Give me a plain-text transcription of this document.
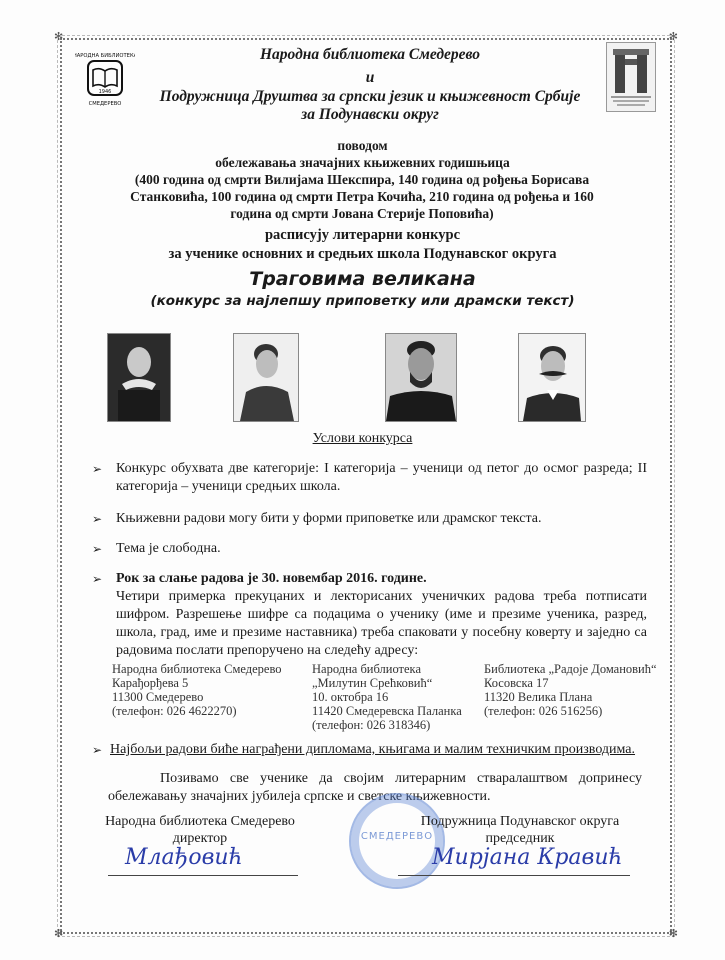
✻	✻
✻	✻
1946
НАРОДНА БИБЛИОТЕКА
СМЕДЕРЕВО
Народна библиотека Смедерево
и
Подружница Друштва за српски језик и књижевност Србије
за Подунавски округ
поводом
обележавања значајних књижевних годишњица
(400 година од смрти Вилијама Шекспира, 140 година од рођења Борисава Станковића, 100 година од смрти Петра Кочића, 210 година од рођења и 160 година од смрти Јована Стерије Поповића)
расписују литерарни конкурс
за ученике основних и средњих школа Подунавског округа
Траговима великана
(конкурс за најлепшу приповетку или драмски текст)
Услови конкурса
➢ Конкурс обухвата две категорије: I категорија – ученици од петог до осмог разреда; II категорија – ученици средњих школа.
➢ Књижевни радови могу бити у форми приповетке или драмског текста.
➢ Тема је слободна.
➢ Рок за слање радова је 30. новембар 2016. године.
Четири примерка прекуцаних и лекторисаних ученичких радова треба потписати шифром. Разрешење шифре са подацима о ученику (име и презиме ученика, разред, школа, град, име и презиме наставника) треба спаковати у посебну коверту и заједно са радовима послати препоручено на следећу адресу:
Народна библиотека Смедерево
Карађорђева 5
11300 Смедерево
(телефон: 026 4622270)
Народна библиотека
„Милутин Срећковић“
10. октобра 16
11420 Смедеревска Паланка
(телефон: 026 318346)
Библиотека „Радоје Домановић“
Косовска 17
11320 Велика Плана
(телефон: 026 516256)
➢ Најбољи радови биће награђени дипломама, књигама и малим техничким производима.
Позивамо све ученике да својим литерарним стваралаштвом допринесу
обележавању значајних јубилеја српске и светске књижевности.
СМЕДЕРЕВО
Народна библиотека Смедерево
директор
Подружница Подунавског округа
председник
Mлађовић	Мирjана Кравић
